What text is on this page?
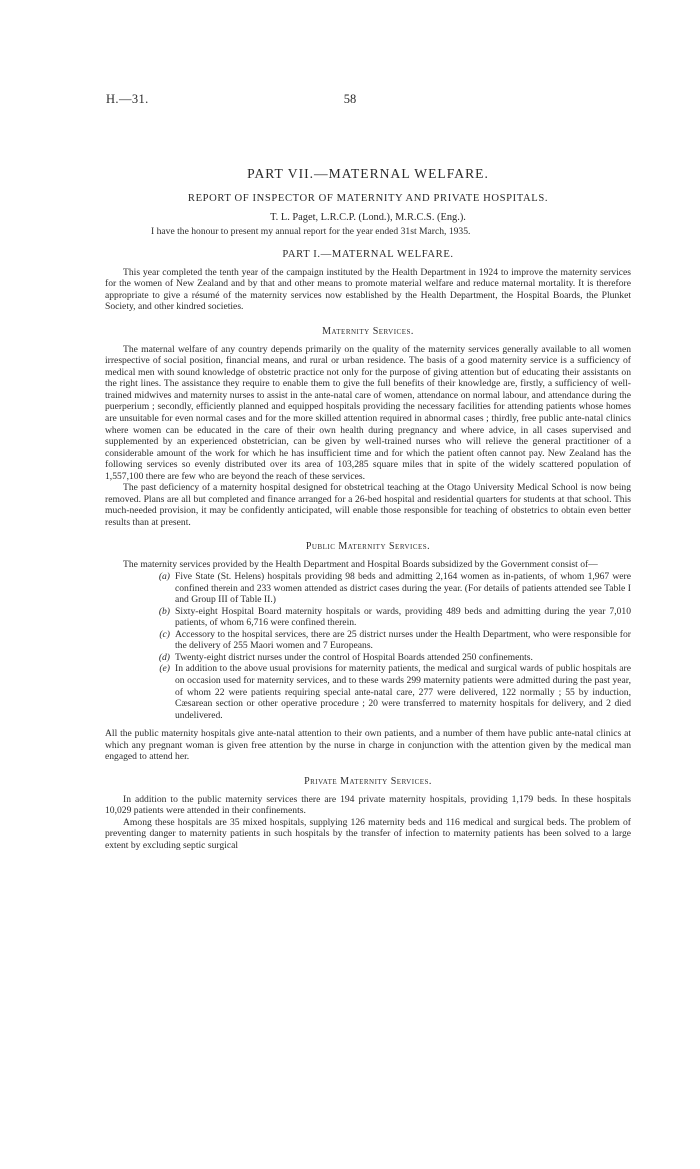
H.—31.	58
PART VII.—MATERNAL WELFARE.
REPORT OF INSPECTOR OF MATERNITY AND PRIVATE HOSPITALS.
T. L. Paget, L.R.C.P. (Lond.), M.R.C.S. (Eng.).

I have the honour to present my annual report for the year ended 31st March, 1935.

PART I.—MATERNAL WELFARE.

This year completed the tenth year of the campaign instituted by the Health Department in 1924 to improve the maternity services for the women of New Zealand and by that and other means to promote material welfare and reduce maternal mortality. It is therefore appropriate to give a résumé of the maternity services now established by the Health Department, the Hospital Boards, the Plunket Society, and other kindred societies.

Maternity Services.

The maternal welfare of any country depends primarily on the quality of the maternity services generally available to all women irrespective of social position, financial means, and rural or urban residence. The basis of a good maternity service is a sufficiency of medical men with sound knowledge of obstetric practice not only for the purpose of giving attention but of educating their assistants on the right lines. The assistance they require to enable them to give the full benefits of their knowledge are, firstly, a sufficiency of well-trained midwives and maternity nurses to assist in the ante-natal care of women, attendance on normal labour, and attendance during the puerperium ; secondly, efficiently planned and equipped hospitals providing the necessary facilities for attending patients whose homes are unsuitable for even normal cases and for the more skilled attention required in abnormal cases ; thirdly, free public ante-natal clinics where women can be educated in the care of their own health during pregnancy and where advice, in all cases supervised and supplemented by an experienced obstetrician, can be given by well-trained nurses who will relieve the general practitioner of a considerable amount of the work for which he has insufficient time and for which the patient often cannot pay. New Zealand has the following services so evenly distributed over its area of 103,285 square miles that in spite of the widely scattered population of 1,557,100 there are few who are beyond the reach of these services.

The past deficiency of a maternity hospital designed for obstetrical teaching at the Otago University Medical School is now being removed. Plans are all but completed and finance arranged for a 26-bed hospital and residential quarters for students at that school. This much-needed provision, it may be confidently anticipated, will enable those responsible for teaching of obstetrics to obtain even better results than at present.

Public Maternity Services.

The maternity services provided by the Health Department and Hospital Boards subsidized by the Government consist of—

(a) Five State (St. Helens) hospitals providing 98 beds and admitting 2,164 women as in-patients, of whom 1,967 were confined therein and 233 women attended as district cases during the year. (For details of patients attended see Table I and Group III of Table II.)
(b) Sixty-eight Hospital Board maternity hospitals or wards, providing 489 beds and admitting during the year 7,010 patients, of whom 6,716 were confined therein.
(c) Accessory to the hospital services, there are 25 district nurses under the Health Department, who were responsible for the delivery of 255 Maori women and 7 Europeans.
(d) Twenty-eight district nurses under the control of Hospital Boards attended 250 confinements.
(e) In addition to the above usual provisions for maternity patients, the medical and surgical wards of public hospitals are on occasion used for maternity services, and to these wards 299 maternity patients were admitted during the past year, of whom 22 were patients requiring special ante-natal care, 277 were delivered, 122 normally ; 55 by induction, Cæsarean section or other operative procedure ; 20 were transferred to maternity hospitals for delivery, and 2 died undelivered.

All the public maternity hospitals give ante-natal attention to their own patients, and a number of them have public ante-natal clinics at which any pregnant woman is given free attention by the nurse in charge in conjunction with the attention given by the medical man engaged to attend her.

Private Maternity Services.

In addition to the public maternity services there are 194 private maternity hospitals, providing 1,179 beds. In these hospitals 10,029 patients were attended in their confinements.

Among these hospitals are 35 mixed hospitals, supplying 126 maternity beds and 116 medical and surgical beds. The problem of preventing danger to maternity patients in such hospitals by the transfer of infection to maternity patients has been solved to a large extent by excluding septic surgical
